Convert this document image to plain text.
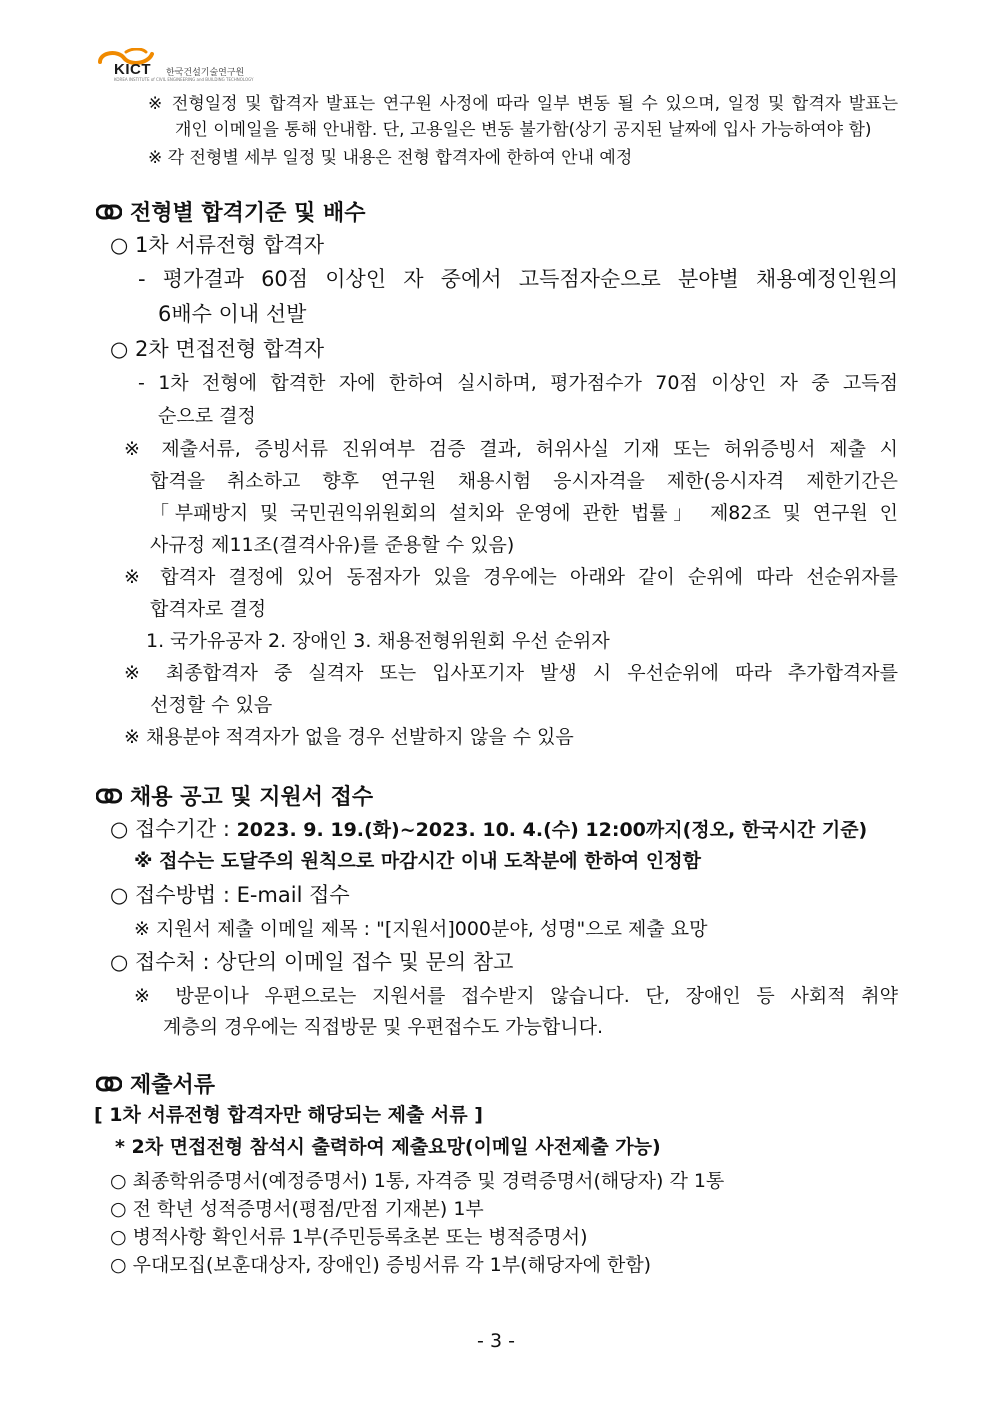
KICT 한국건설기술연구원
KOREA INSTITUTE of CIVIL ENGINEERING and BUILDING TECHNOLOGY
※ 전형일정 및 합격자 발표는 연구원 사정에 따라 일부 변동 될 수 있으며, 일정 및 합격자 발표는
개인 이메일을 통해 안내함. 단, 고용일은 변동 불가함(상기 공지된 날짜에 입사 가능하여야 함)
※ 각 전형별 세부 일정 및 내용은 전형 합격자에 한하여 안내 예정
전형별 합격기준 및 배수
○ 1차 서류전형 합격자
- 평가결과 60점 이상인 자 중에서 고득점자순으로 분야별 채용예정인원의
6배수 이내 선발
○ 2차 면접전형 합격자
- 1차 전형에 합격한 자에 한하여 실시하며, 평가점수가 70점 이상인 자 중 고득점
순으로 결정
※ 제출서류, 증빙서류 진위여부 검증 결과, 허위사실 기재 또는 허위증빙서 제출 시
합격을 취소하고 향후 연구원 채용시험 응시자격을 제한(응시자격 제한기간은
「부패방지 및 국민권익위원회의 설치와 운영에 관한 법률」 제82조 및 연구원 인
사규정 제11조(결격사유)를 준용할 수 있음)
※ 합격자 결정에 있어 동점자가 있을 경우에는 아래와 같이 순위에 따라 선순위자를
합격자로 결정
1. 국가유공자 2. 장애인 3. 채용전형위원회 우선 순위자
※ 최종합격자 중 실격자 또는 입사포기자 발생 시 우선순위에 따라 추가합격자를
선정할 수 있음
※ 채용분야 적격자가 없을 경우 선발하지 않을 수 있음
채용 공고 및 지원서 접수
○ 접수기간 : 2023. 9. 19.(화)~2023. 10. 4.(수) 12:00까지(정오, 한국시간 기준)
※ 접수는 도달주의 원칙으로 마감시간 이내 도착분에 한하여 인정함
○ 접수방법 : E-mail 접수
※ 지원서 제출 이메일 제목 : "[지원서]000분야, 성명"으로 제출 요망
○ 접수처 : 상단의 이메일 접수 및 문의 참고
※ 방문이나 우편으로는 지원서를 접수받지 않습니다. 단, 장애인 등 사회적 취약
계층의 경우에는 직접방문 및 우편접수도 가능합니다.
제출서류
[ 1차 서류전형 합격자만 해당되는 제출 서류 ]
* 2차 면접전형 참석시 출력하여 제출요망(이메일 사전제출 가능)
○ 최종학위증명서(예정증명서) 1통, 자격증 및 경력증명서(해당자) 각 1통
○ 전 학년 성적증명서(평점/만점 기재본) 1부
○ 병적사항 확인서류 1부(주민등록초본 또는 병적증명서)
○ 우대모집(보훈대상자, 장애인) 증빙서류 각 1부(해당자에 한함)
- 3 -
